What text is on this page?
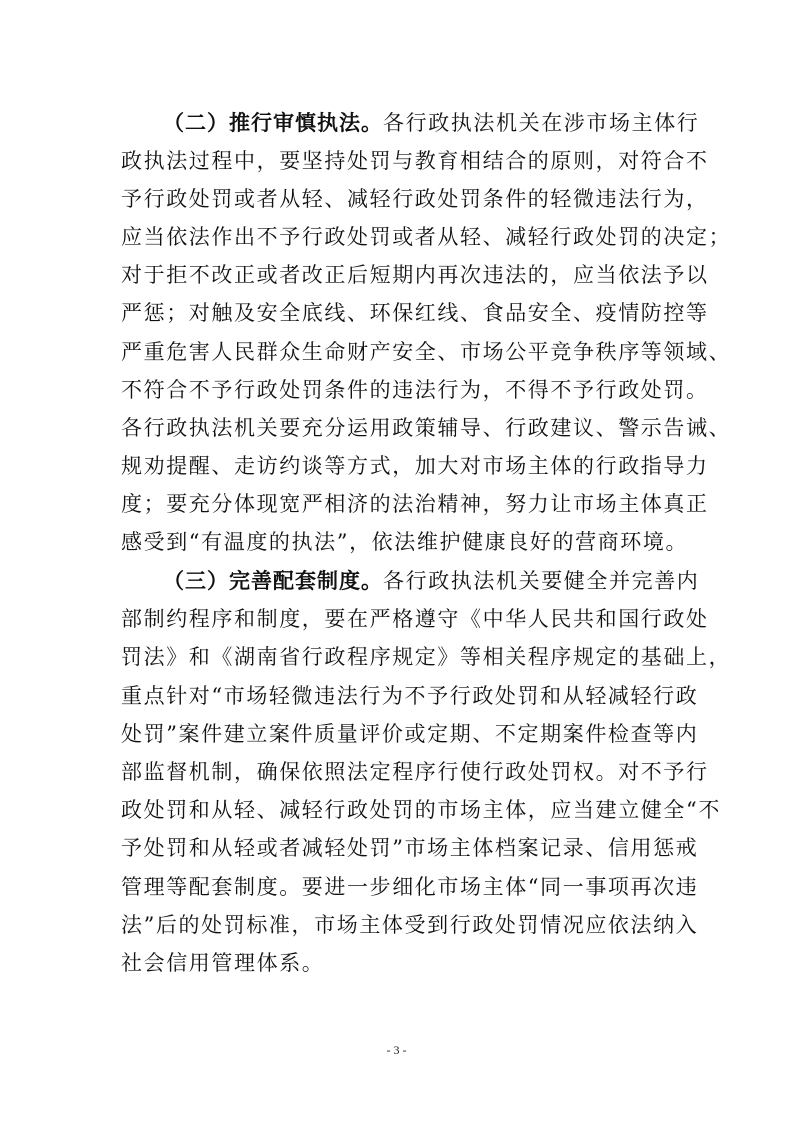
（二）推行审慎执法。各行政执法机关在涉市场主体行
政执法过程中，要坚持处罚与教育相结合的原则，对符合不
予行政处罚或者从轻、减轻行政处罚条件的轻微违法行为，
应当依法作出不予行政处罚或者从轻、减轻行政处罚的决定；
对于拒不改正或者改正后短期内再次违法的，应当依法予以
严惩；对触及安全底线、环保红线、食品安全、疫情防控等
严重危害人民群众生命财产安全、市场公平竞争秩序等领域、
不符合不予行政处罚条件的违法行为，不得不予行政处罚。
各行政执法机关要充分运用政策辅导、行政建议、警示告诫、
规劝提醒、走访约谈等方式，加大对市场主体的行政指导力
度；要充分体现宽严相济的法治精神，努力让市场主体真正
感受到“有温度的执法”，依法维护健康良好的营商环境。
（三）完善配套制度。各行政执法机关要健全并完善内
部制约程序和制度，要在严格遵守《中华人民共和国行政处
罚法》和《湖南省行政程序规定》等相关程序规定的基础上，
重点针对“市场轻微违法行为不予行政处罚和从轻减轻行政
处罚”案件建立案件质量评价或定期、不定期案件检查等内
部监督机制，确保依照法定程序行使行政处罚权。对不予行
政处罚和从轻、减轻行政处罚的市场主体，应当建立健全“不
予处罚和从轻或者减轻处罚”市场主体档案记录、信用惩戒
管理等配套制度。要进一步细化市场主体“同一事项再次违
法”后的处罚标准，市场主体受到行政处罚情况应依法纳入
社会信用管理体系。
- 3 -
